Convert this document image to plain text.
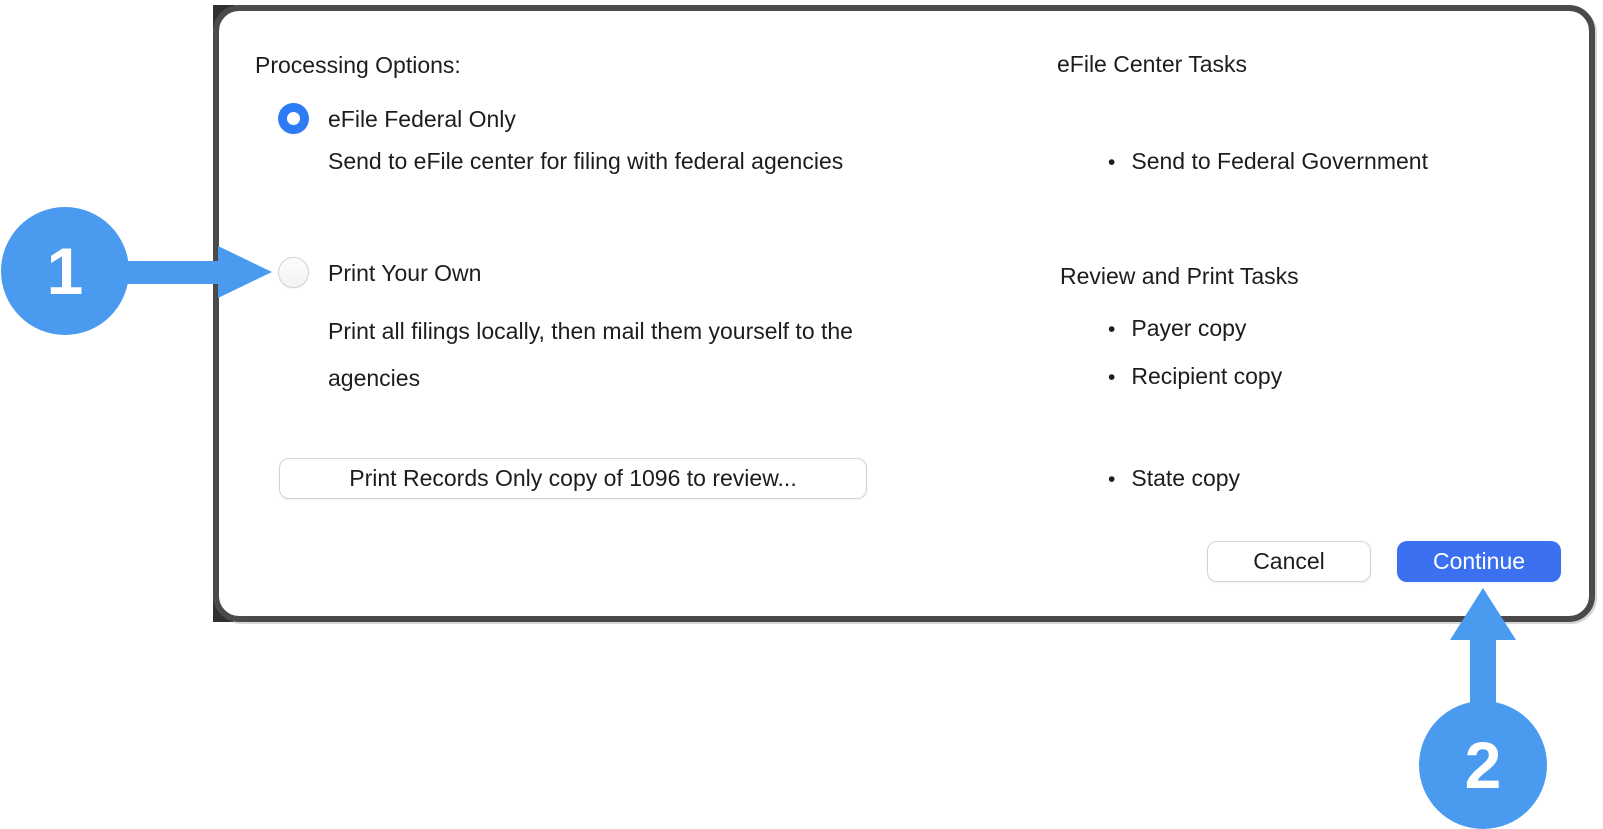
Processing Options:
eFile Federal Only
Send to eFile center for filing with federal agencies
Print Your Own
Print all filings locally, then mail them yourself to the agencies
Print Records Only copy of 1096 to review...
eFile Center Tasks
• Send to Federal Government
Review and Print Tasks
• Payer copy
• Recipient copy
• State copy
Cancel	Continue
1
2
